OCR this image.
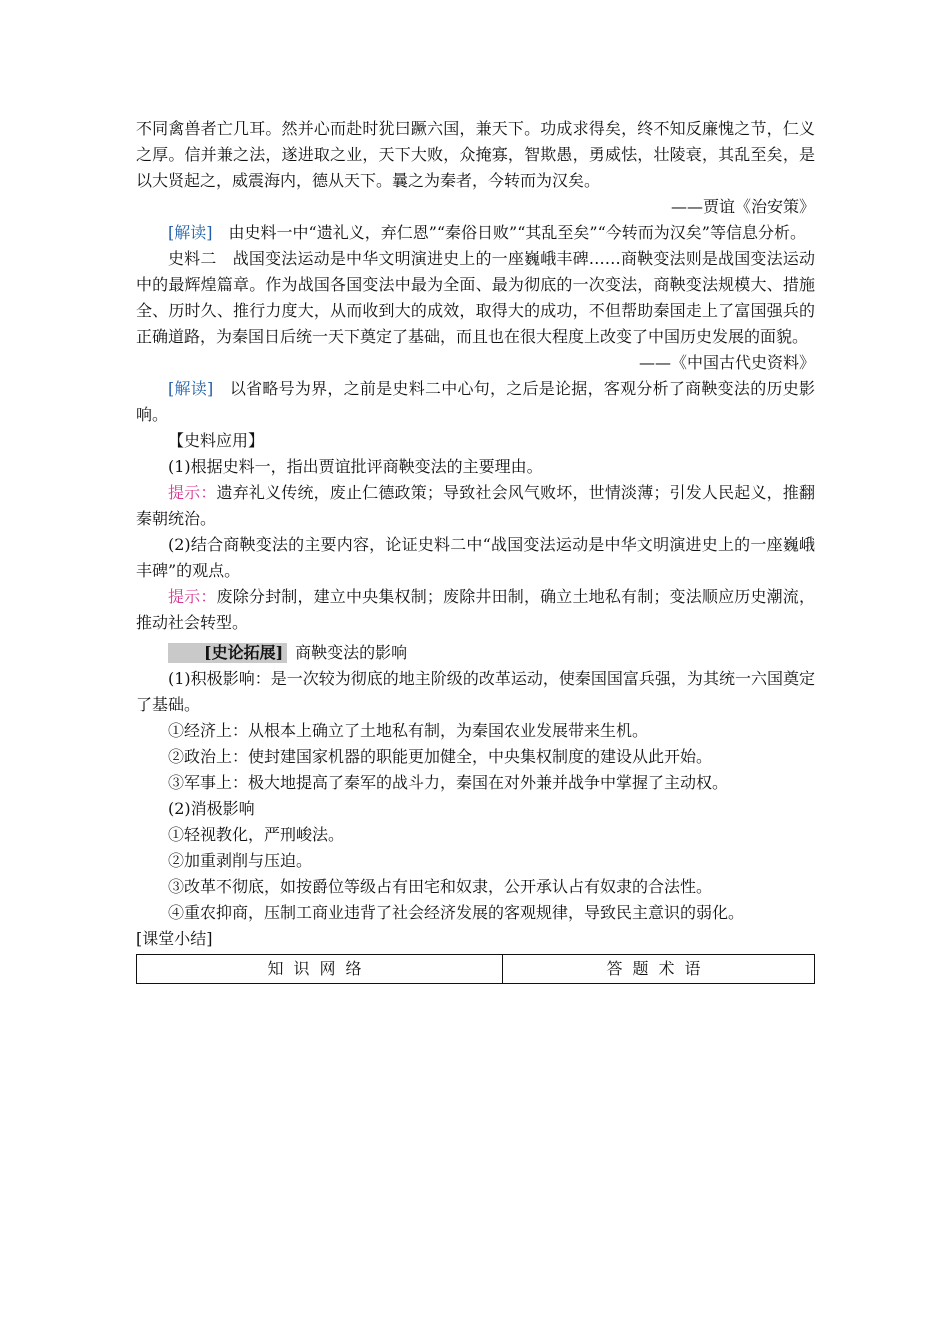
不同禽兽者亡几耳。然并心而赴时犹曰蹶六国，兼天下。功成求得矣，终不知反廉愧之节，仁义之厚。信并兼之法，遂进取之业，天下大败，众掩寡，智欺愚，勇威怯，壮陵衰，其乱至矣，是以大贤起之，威震海内，德从天下。曩之为秦者，今转而为汉矣。

——贾谊《治安策》

[解读]　 由史料一中“遗礼义，弃仁恩”“秦俗日败”“其乱至矣”“今转而为汉矣”等信息分析。

史料二　 战国变法运动是中华文明演进史上的一座巍峨丰碑……商鞅变法则是战国变法运动中的最辉煌篇章。作为战国各国变法中最为全面、最为彻底的一次变法，商鞅变法规模大、措施全、历时久、推行力度大，从而收到大的成效，取得大的成功，不但帮助秦国走上了富国强兵的正确道路，为秦国日后统一天下奠定了基础，而且也在很大程度上改变了中国历史发展的面貌。

——《中国古代史资料》

[解读]　 以省略号为界，之前是史料二中心句，之后是论据，客观分析了商鞅变法的历史影响。

【史料应用】

(1)根据史料一，指出贾谊批评商鞅变法的主要理由。

提示：遗弃礼义传统，废止仁德政策；导致社会风气败坏，世情淡薄；引发人民起义，推翻秦朝统治。

(2)结合商鞅变法的主要内容，论证史料二中“战国变法运动是中华文明演进史上的一座巍峨丰碑”的观点。

提示：废除分封制，建立中央集权制；废除井田制，确立土地私有制；变法顺应历史潮流，推动社会转型。

[史论拓展] 商鞅变法的影响

(1)积极影响：是一次较为彻底的地主阶级的改革运动，使秦国国富兵强，为其统一六国奠定了基础。

①经济上：从根本上确立了土地私有制，为秦国农业发展带来生机。

②政治上：使封建国家机器的职能更加健全，中央集权制度的建设从此开始。

③军事上：极大地提高了秦军的战斗力，秦国在对外兼并战争中掌握了主动权。

(2)消极影响

①轻视教化，严刑峻法。

②加重剥削与压迫。

③改革不彻底，如按爵位等级占有田宅和奴隶，公开承认占有奴隶的合法性。

④重农抑商，压制工商业违背了社会经济发展的客观规律，导致民主意识的弱化。

[课堂小结]

知识网络	答题术语
